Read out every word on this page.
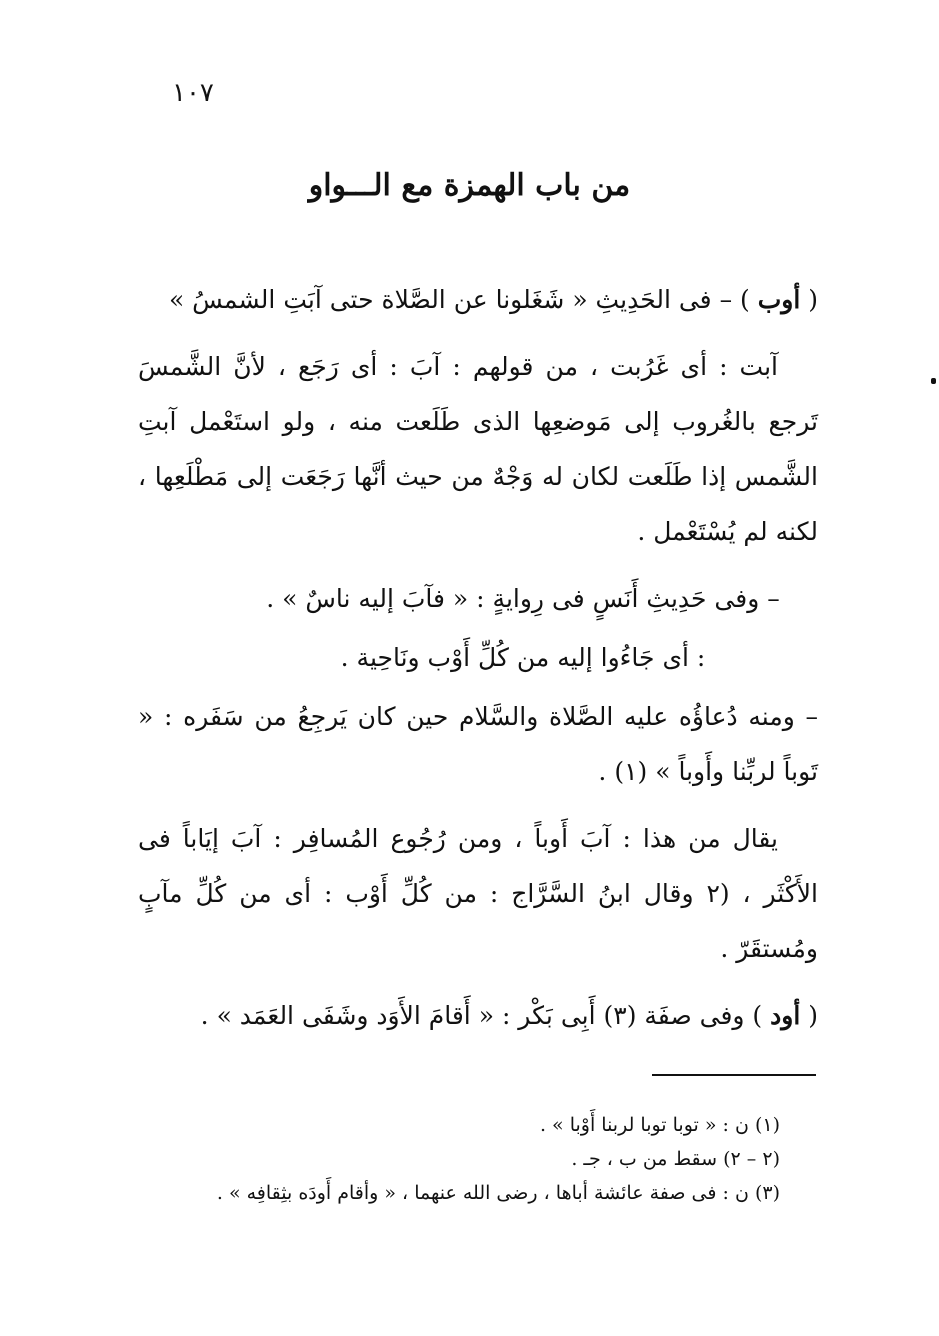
١٠٧
من باب الهمزة مع الـــواو

( أوب ) – فى الحَدِيثِ « شَغَلونا عن الصَّلاة حتى آبَتِ الشمسُ »

آبت : أى غَرُبت ، من قولهم : آبَ : أى رَجَع ، لأنَّ الشَّمسَ تَرجع بالغُروب إلى مَوضعِها الذى طَلَعت منه ، ولو استَعْمل آبتِ الشَّمس إذا طَلَعت لكان له وَجْهٌ من حيث أنَّها رَجَعَت إلى مَطْلَعِها ، لكنه لم يُسْتَعْمل .

– وفى حَدِيثِ أَنَسٍ فى رِوايةٍ : « فآبَ إليه ناسٌ » .

: أى جَاءُوا إليه من كُلِّ أَوْب ونَاحِية .

– ومنه دُعاؤُه عليه الصَّلاة والسَّلام حين كان يَرجِعُ من سَفَره : « تَوباً لربِّنا وأَوباً » (١) .

يقال من هذا : آبَ أَوباً ، ومن رُجُوع المُسافِر : آبَ إيَاباً فى الأَكْثَر ، (٢ وقال ابنُ السَّرَّاج : من كُلِّ أَوْب : أى من كُلِّ مآبٍ ومُستقَرّ .

( أود ) وفى صفَة (٣) أَبِى بَكْر : « أَقامَ الأَوَد وشَفَى العَمَد » .

(١) ن : « توبا توبا لربنا أَوْبا » .

(٢ – ٢) سقط من ب ، جـ .

(٣) ن : فى صفة عائشة أباها ، رضى الله عنهما ، « وأقام أَودَه بثِقافِه » .
